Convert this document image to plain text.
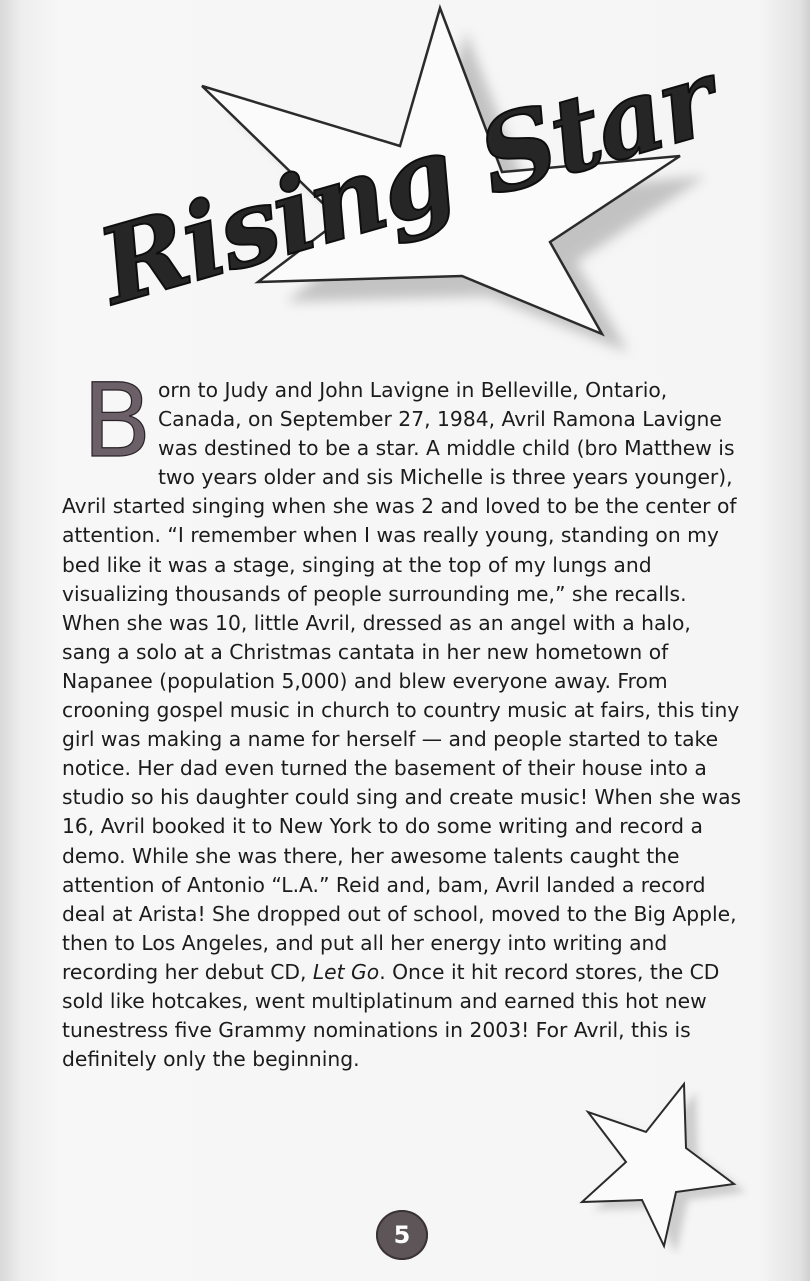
Rising Star

Born to Judy and John Lavigne in Belleville, Ontario, Canada, on September 27, 1984, Avril Ramona Lavigne was destined to be a star. A middle child (bro Matthew is two years older and sis Michelle is three years younger), Avril started singing when she was 2 and loved to be the center of attention. “I remember when I was really young, standing on my bed like it was a stage, singing at the top of my lungs and visualizing thousands of people surrounding me,” she recalls. When she was 10, little Avril, dressed as an angel with a halo, sang a solo at a Christmas cantata in her new hometown of Napanee (population 5,000) and blew everyone away. From crooning gospel music in church to country music at fairs, this tiny girl was making a name for herself — and people started to take notice. Her dad even turned the basement of their house into a studio so his daughter could sing and create music! When she was 16, Avril booked it to New York to do some writing and record a demo. While she was there, her awesome talents caught the attention of Antonio “L.A.” Reid and, bam, Avril landed a record deal at Arista! She dropped out of school, moved to the Big Apple, then to Los Angeles, and put all her energy into writing and recording her debut CD, Let Go. Once it hit record stores, the CD sold like hotcakes, went multiplatinum and earned this hot new tunestress five Grammy nominations in 2003! For Avril, this is definitely only the beginning.

5
